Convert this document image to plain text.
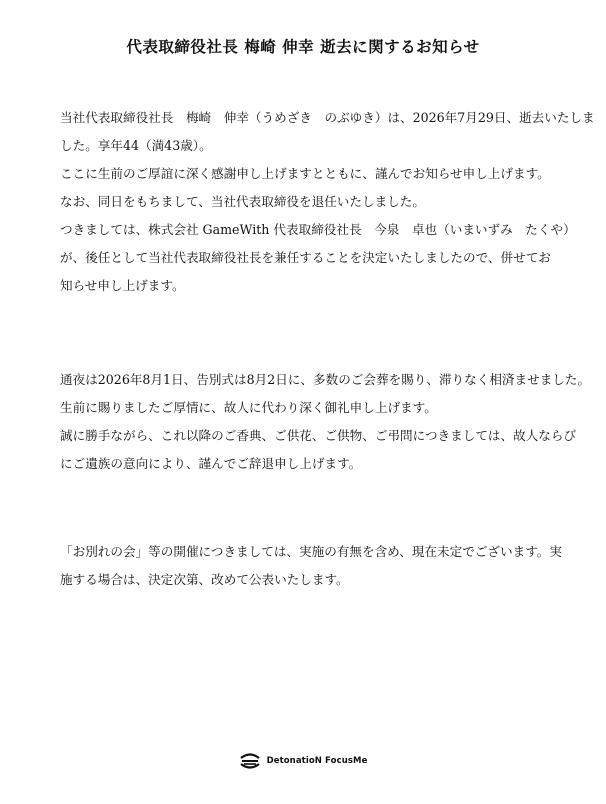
代表取締役社長 梅崎 伸幸 逝去に関するお知らせ
当社代表取締役社長　梅崎　伸幸（うめざき　のぶゆき）は、2026年7月29日、逝去いたしま
した。享年44（満43歳）。
ここに生前のご厚誼に深く感謝申し上げますとともに、謹んでお知らせ申し上げます。
なお、同日をもちまして、当社代表取締役を退任いたしました。
つきましては、株式会社 GameWith 代表取締役社長　今泉　卓也（いまいずみ　たくや）
が、後任として当社代表取締役社長を兼任することを決定いたしましたので、併せてお
知らせ申し上げます。
通夜は2026年8月1日、告別式は8月2日に、多数のご会葬を賜り、滞りなく相済ませました。
生前に賜りましたご厚情に、故人に代わり深く御礼申し上げます。
誠に勝手ながら、これ以降のご香典、ご供花、ご供物、ご弔問につきましては、故人ならび
にご遺族の意向により、謹んでご辞退申し上げます。
「お別れの会」等の開催につきましては、実施の有無を含め、現在未定でございます。実
施する場合は、決定次第、改めて公表いたします。
DetonatioN FocusMe
